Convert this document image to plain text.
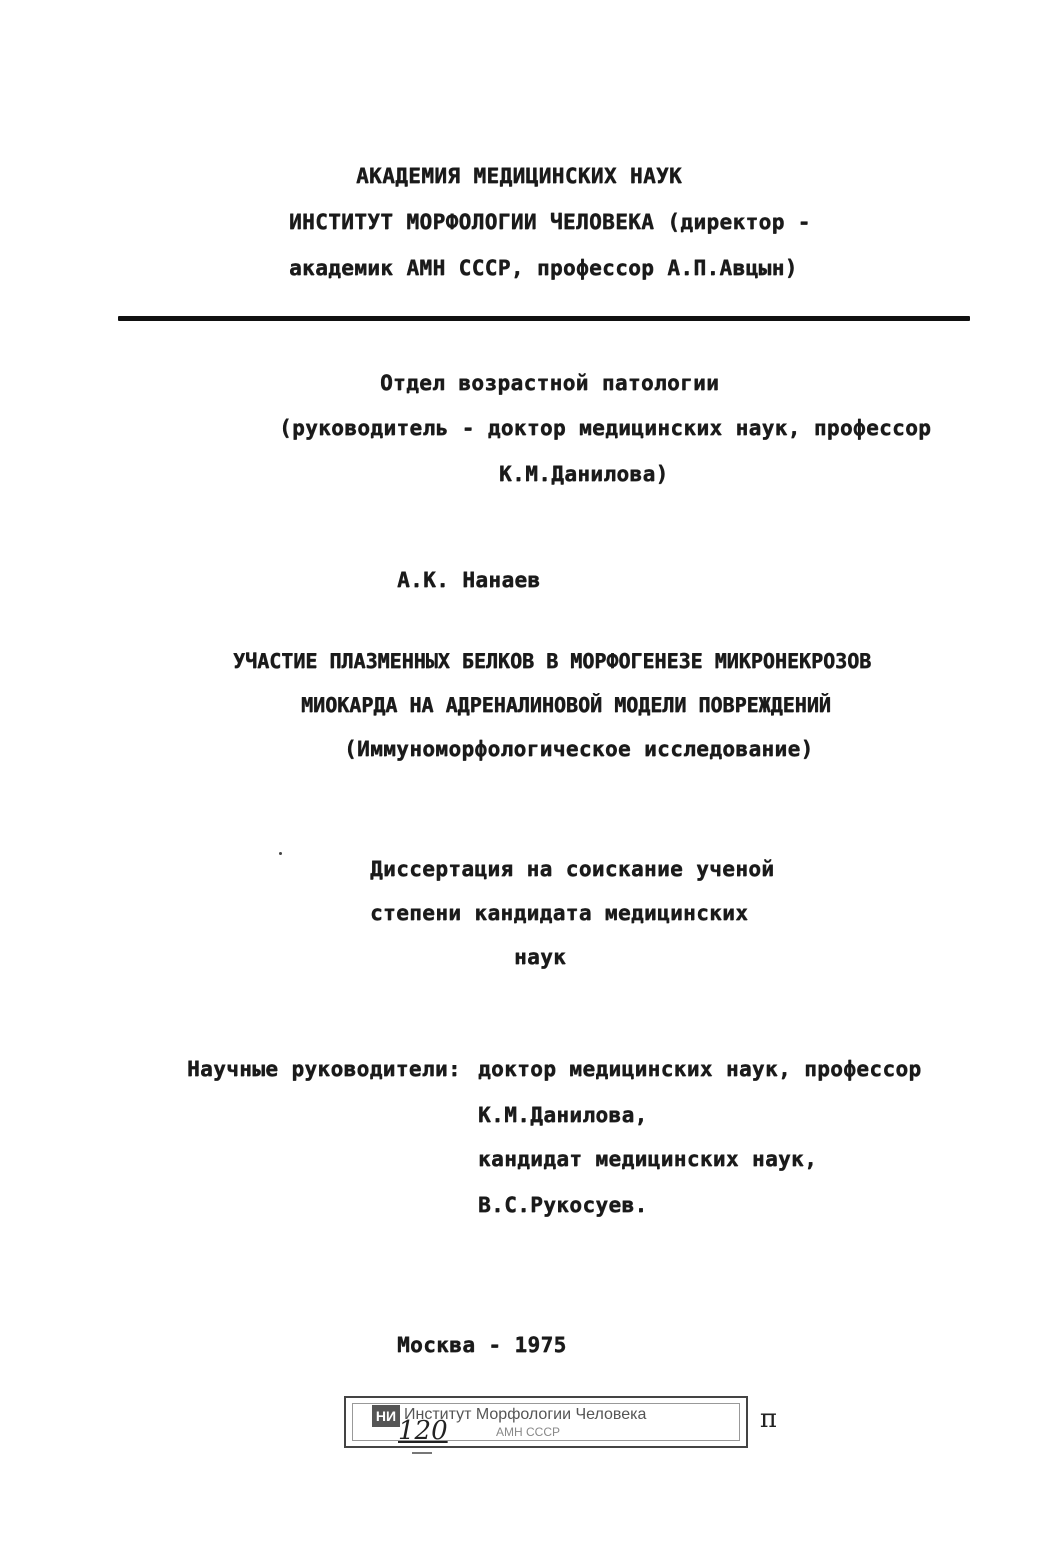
АКАДЕМИЯ МЕДИЦИНСКИХ НАУК
ИНСТИТУТ МОРФОЛОГИИ ЧЕЛОВЕКА (директор -
академик АМН СССР, профессор А.П.Авцын)
Отдел возрастной патологии
(руководитель - доктор медицинских наук, профессор
К.М.Данилова)
А.К. Нанаев
УЧАСТИЕ ПЛАЗМЕННЫХ БЕЛКОВ В МОРФОГЕНЕЗЕ МИКРОНЕКРОЗОВ
МИОКАРДА НА АДРЕНАЛИНОВОЙ МОДЕЛИ ПОВРЕЖДЕНИЙ
(Иммуноморфологическое исследование)
Диссертация на соискание ученой
степени кандидата медицинских
наук
Научные руководители: доктор медицинских наук, профессор
К.М.Данилова,
кандидат медицинских наук,
В.С.Рукосуев.
Москва - 1975
НИ Институт Морфологии Человека
АМН СССР
120	п
